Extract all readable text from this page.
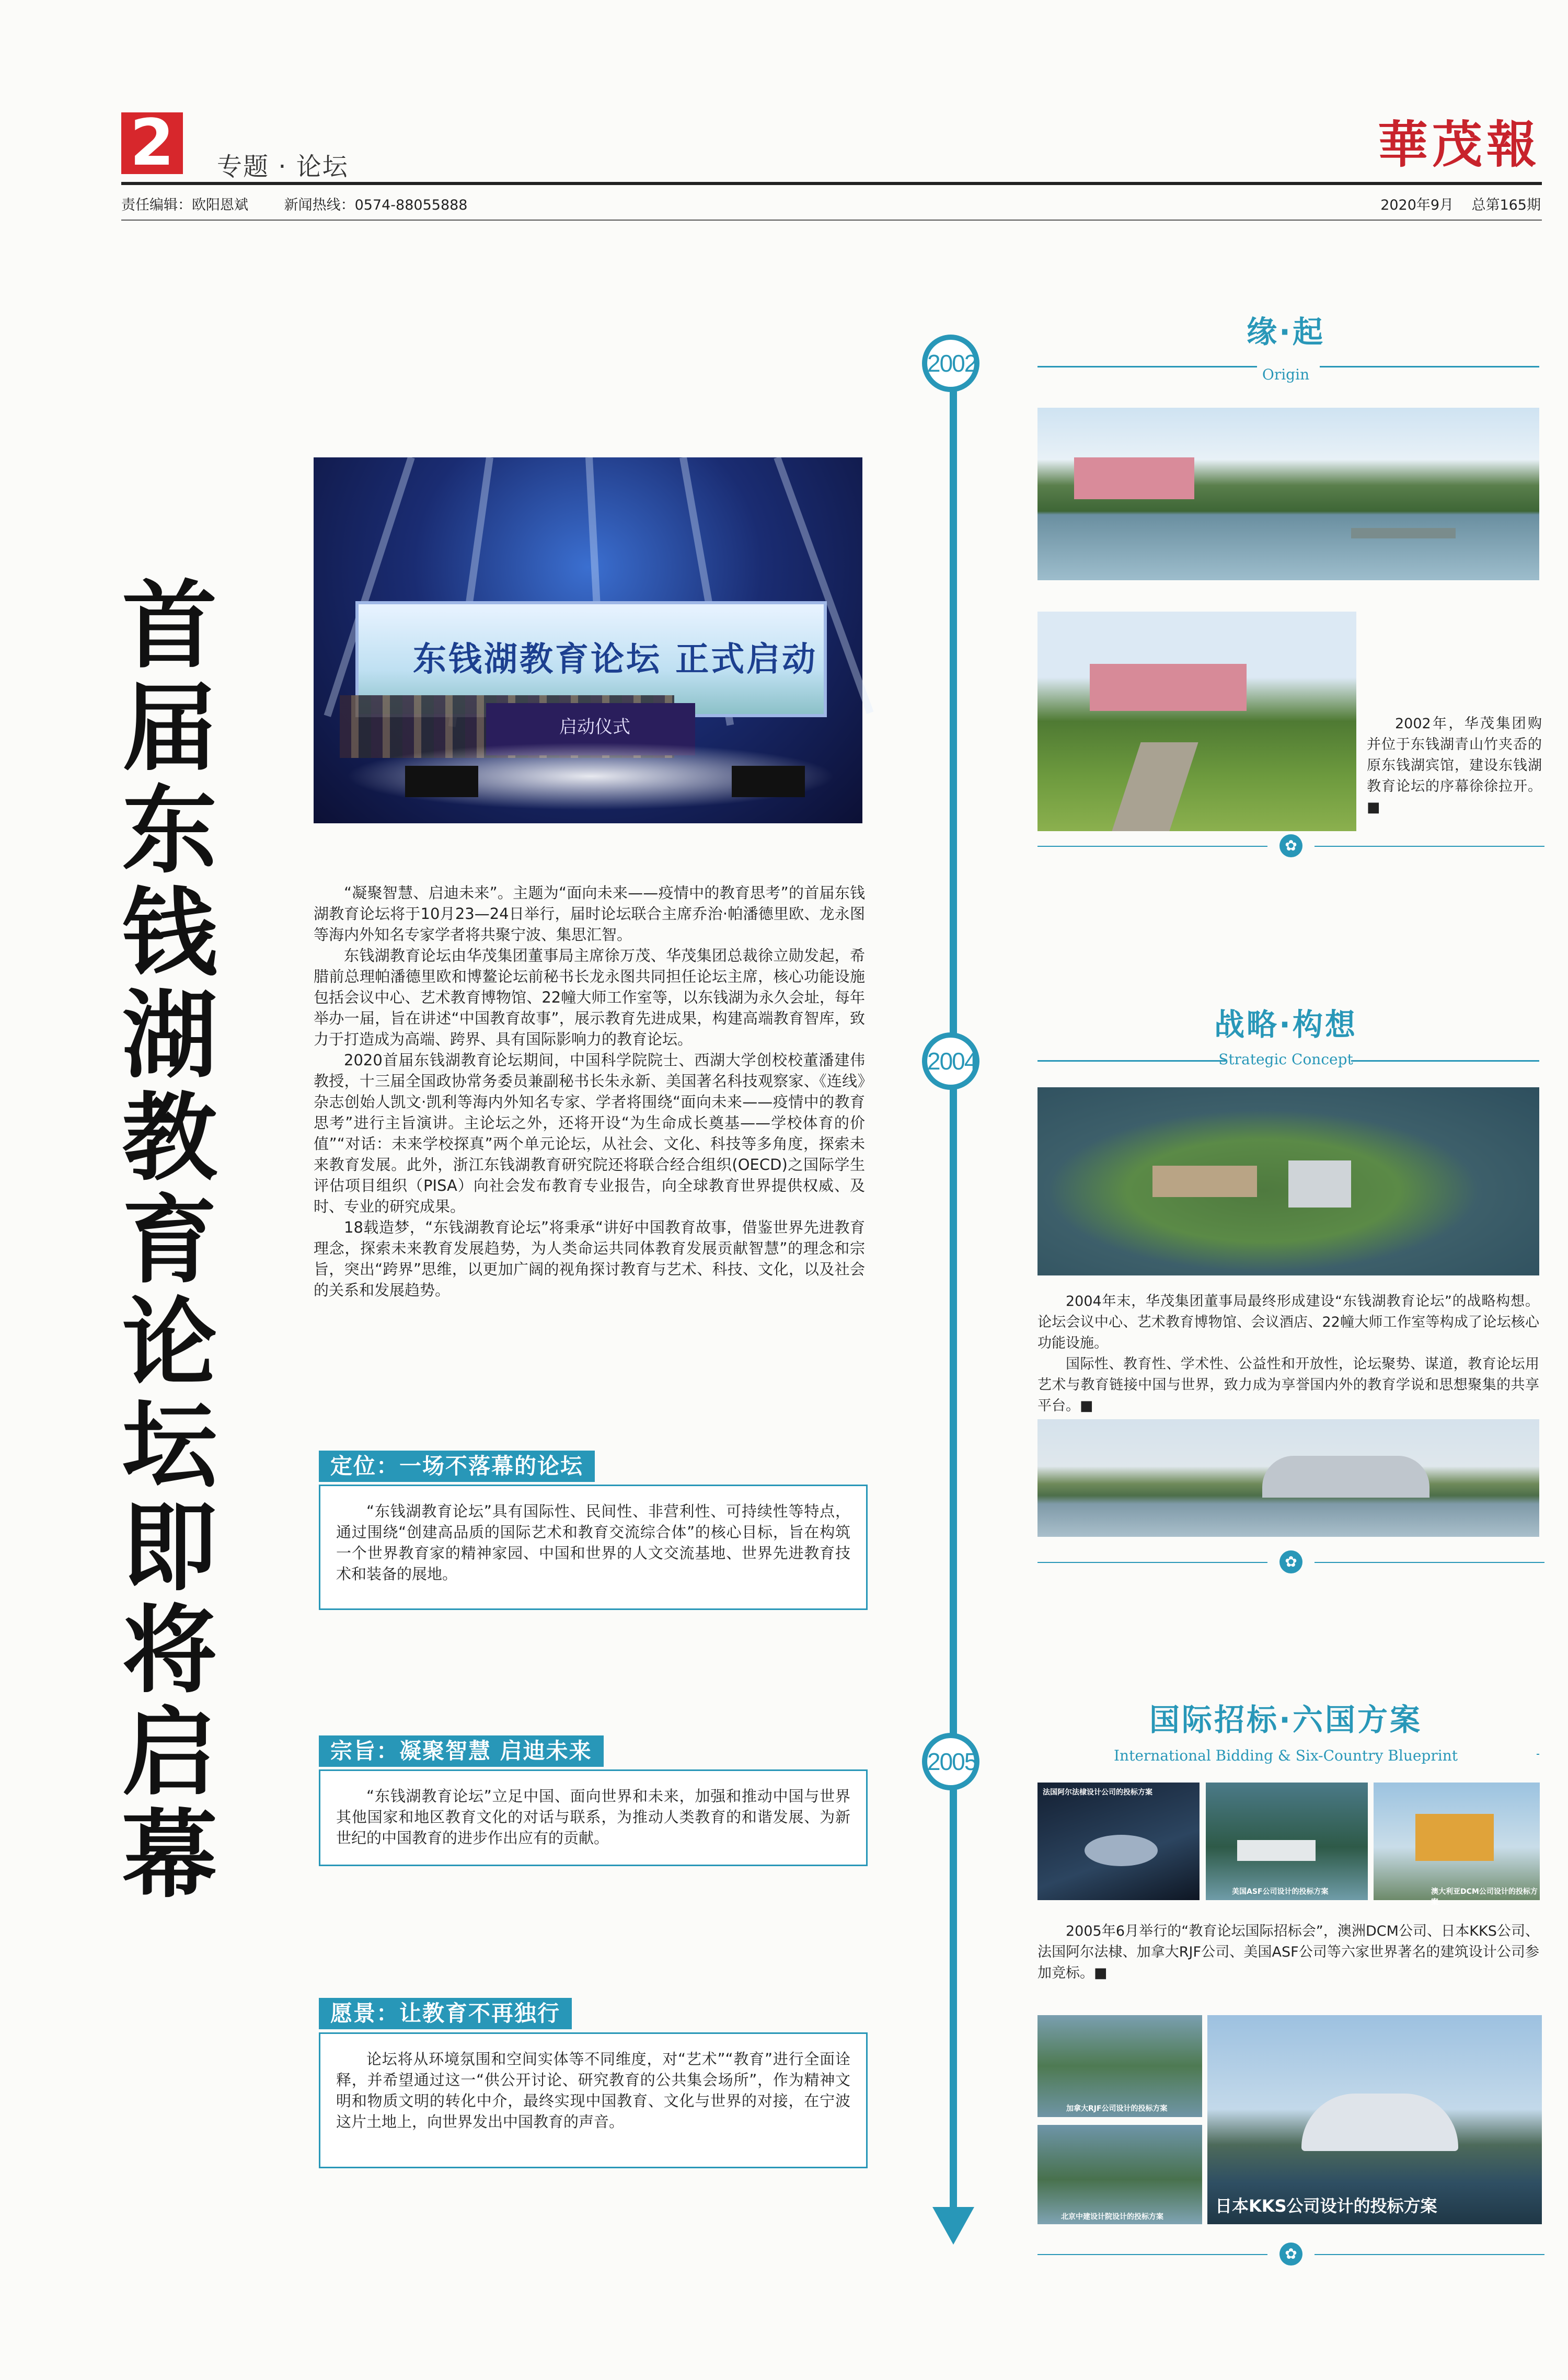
2	专题 · 论坛	華茂報
责任编辑：欧阳恩斌	新闻热线：0574-88055888	2020年9月 总第165期
首届东钱湖教育论坛即将启幕	东钱湖教育论坛 正式启动
启动仪式

“凝聚智慧、启迪未来”。主题为“面向未来——疫情中的教育思考”的首届东钱湖教育论坛将于10月23—24日举行，届时论坛联合主席乔治·帕潘德里欧、龙永图等海内外知名专家学者将共聚宁波、集思汇智。

东钱湖教育论坛由华茂集团董事局主席徐万茂、华茂集团总裁徐立勋发起，希腊前总理帕潘德里欧和博鳌论坛前秘书长龙永图共同担任论坛主席，核心功能设施包括会议中心、艺术教育博物馆、22幢大师工作室等，以东钱湖为永久会址，每年举办一届，旨在讲述“中国教育故事”，展示教育先进成果，构建高端教育智库，致力于打造成为高端、跨界、具有国际影响力的教育论坛。

2020首届东钱湖教育论坛期间，中国科学院院士、西湖大学创校校董潘建伟教授，十三届全国政协常务委员兼副秘书长朱永新、美国著名科技观察家、《连线》杂志创始人凯文·凯利等海内外知名专家、学者将围绕“面向未来——疫情中的教育思考”进行主旨演讲。主论坛之外，还将开设“为生命成长奠基——学校体育的价值”“对话：未来学校探真”两个单元论坛，从社会、文化、科技等多角度，探索未来教育发展。此外，浙江东钱湖教育研究院还将联合经合组织(OECD)之国际学生评估项目组织（PISA）向社会发布教育专业报告，向全球教育世界提供权威、及时、专业的研究成果。

18载造梦，“东钱湖教育论坛”将秉承“讲好中国教育故事，借鉴世界先进教育理念，探索未来教育发展趋势，为人类命运共同体教育发展贡献智慧”的理念和宗旨，突出“跨界”思维，以更加广阔的视角探讨教育与艺术、科技、文化，以及社会的关系和发展趋势。

“东钱湖教育论坛”具有国际性、民间性、非营利性、可持续性等特点，通过围绕“创建高品质的国际艺术和教育交流综合体”的核心目标，旨在构筑一个世界教育家的精神家园、中国和世界的人文交流基地、世界先进教育技术和装备的展地。
定位：一场不落幕的论坛
“东钱湖教育论坛”立足中国、面向世界和未来，加强和推动中国与世界其他国家和地区教育文化的对话与联系，为推动人类教育的和谐发展、为新世纪的中国教育的进步作出应有的贡献。
宗旨：凝聚智慧 启迪未来
论坛将从环境氛围和空间实体等不同维度，对“艺术”“教育”进行全面诠释，并希望通过这一“供公开讨论、研究教育的公共集会场所”，作为精神文明和物质文明的转化中介，最终实现中国教育、文化与世界的对接，在宁波这片土地上，向世界发出中国教育的声音。
愿景：让教育不再独行
2002
2004
2005
缘·起
Origin

2002年，华茂集团购并位于东钱湖青山竹夹岙的原东钱湖宾馆，建设东钱湖教育论坛的序幕徐徐拉开。■

✿
战略·构想
Strategic Concept

2004年末，华茂集团董事局最终形成建设“东钱湖教育论坛”的战略构想。论坛会议中心、艺术教育博物馆、会议酒店、22幢大师工作室等构成了论坛核心功能设施。

国际性、教育性、学术性、公益性和开放性，论坛聚势、谋道，教育论坛用艺术与教育链接中国与世界，致力成为享誉国内外的教育学说和思想聚集的共享平台。■

✿
国际招标·六国方案
International Bidding & Six-Country Blueprint
法国阿尔法棣设计公司的投标方案
美国ASF公司设计的投标方案	澳大利亚DCM公司设计的投标方案

2005年6月举行的“教育论坛国际招标会”，澳洲DCM公司、日本KKS公司、法国阿尔法棣、加拿大RJF公司、美国ASF公司等六家世界著名的建筑设计公司参加竞标。■

加拿大RJF公司设计的投标方案
北京中建设计院设计的投标方案
日本KKS公司设计的投标方案
✿
